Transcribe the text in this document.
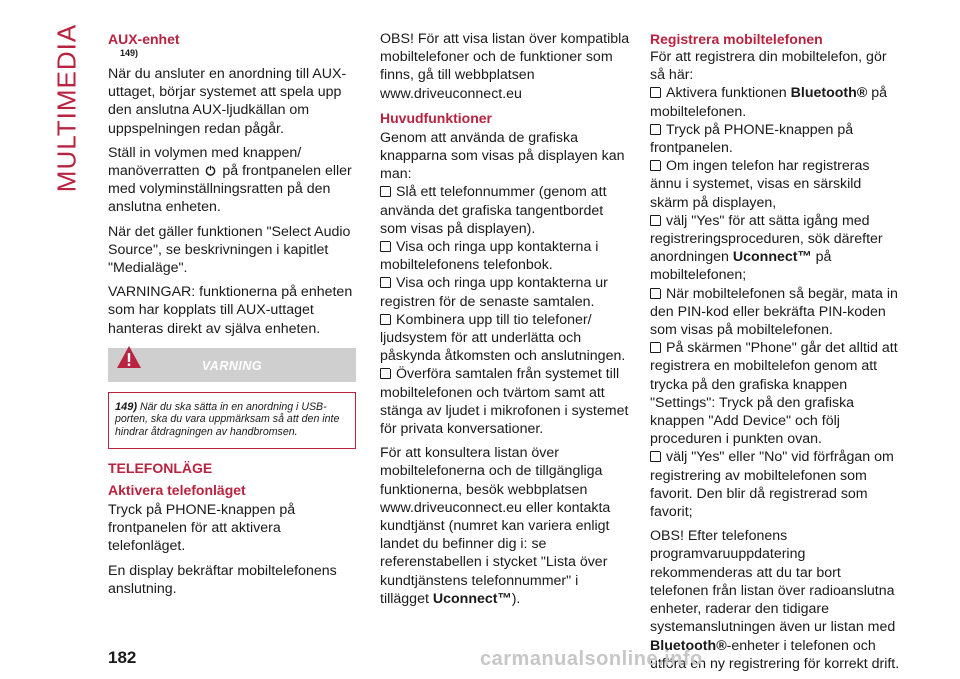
MULTIMEDIA AUX-enhet
149)

När du ansluter en anordning till AUX-uttaget, börjar systemet att spela upp den anslutna AUX-ljudkällan om uppspelningen redan pågår.

Ställ in volymen med knappen/ manöverratten på frontpanelen eller med volyminställningsratten på den anslutna enheten.

När det gäller funktionen "Select Audio Source", se beskrivningen i kapitlet "Medialäge".

VARNINGAR: funktionerna på enheten som har kopplats till AUX-uttaget hanteras direkt av själva enheten.

VARNING
149) När du ska sätta in en anordning i USB-porten, ska du vara uppmärksam så att den inte hindrar åtdragningen av handbromsen.
TELEFONLÄGE
Aktivera telefonläget

Tryck på PHONE-knappen på frontpanelen för att aktivera telefonläget.

En display bekräftar mobiltelefonens anslutning.

OBS! För att visa listan över kompatibla mobiltelefoner och de funktioner som finns, gå till webbplatsen www.driveuconnect.eu

Huvudfunktioner

Genom att använda de grafiska knapparna som visas på displayen kan man:

Slå ett telefonnummer (genom att använda det grafiska tangentbordet som visas på displayen).
Visa och ringa upp kontakterna i mobiltelefonens telefonbok.
Visa och ringa upp kontakterna ur registren för de senaste samtalen.
Kombinera upp till tio telefoner/ ljudsystem för att underlätta och påskynda åtkomsten och anslutningen.
Överföra samtalen från systemet till mobiltelefonen och tvärtom samt att stänga av ljudet i mikrofonen i systemet för privata konversationer.

För att konsultera listan över mobiltelefonerna och de tillgängliga funktionerna, besök webbplatsen www.driveuconnect.eu eller kontakta kundtjänst (numret kan variera enligt landet du befinner dig i: se referenstabellen i stycket "Lista över kundtjänstens telefonnummer" i tillägget Uconnect™).

Registrera mobiltelefonen

För att registrera din mobiltelefon, gör så här:

Aktivera funktionen Bluetooth® på mobiltelefonen.
Tryck på PHONE-knappen på frontpanelen.
Om ingen telefon har registreras ännu i systemet, visas en särskild skärm på displayen,
välj "Yes" för att sätta igång med registreringsproceduren, sök därefter anordningen Uconnect™ på mobiltelefonen;
När mobiltelefonen så begär, mata in den PIN-kod eller bekräfta PIN-koden som visas på mobiltelefonen.
På skärmen "Phone" går det alltid att registrera en mobiltelefon genom att trycka på den grafiska knappen "Settings": Tryck på den grafiska knappen "Add Device" och följ proceduren i punkten ovan.
välj "Yes" eller "No" vid förfrågan om registrering av mobiltelefonen som favorit. Den blir då registrerad som favorit;

OBS! Efter telefonens programvaruuppdatering rekommenderas att du tar bort telefonen från listan över radioanslutna enheter, raderar den tidigare systemanslutningen även ur listan med Bluetooth®-enheter i telefonen och utföra en ny registrering för korrekt drift.

182	carmanualsonline.info
